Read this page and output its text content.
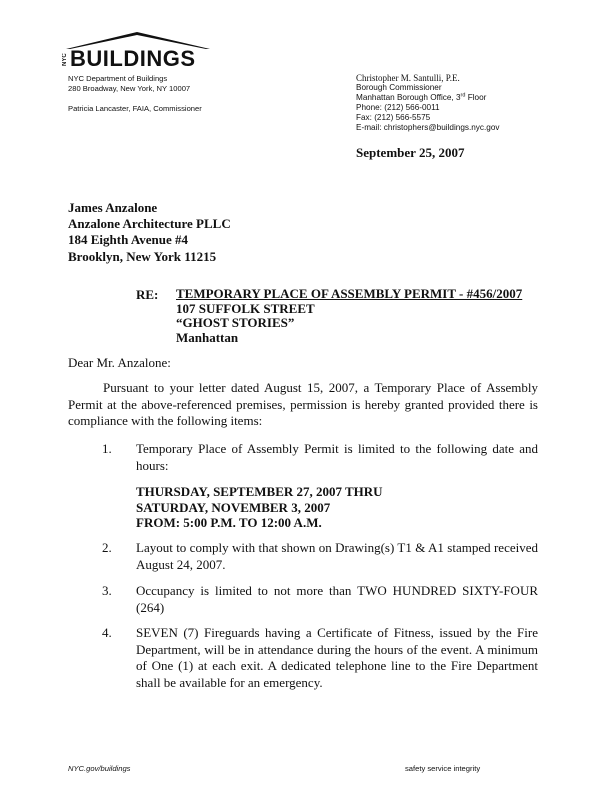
NYC BUILDINGS
NYC Department of Buildings
280 Broadway, New York, NY 10007
Patricia Lancaster, FAIA, Commissioner
Christopher M. Santulli, P.E.
Borough Commissioner
Manhattan Borough Office, 3rd Floor
Phone: (212) 566-0011
Fax: (212) 566-5575
E-mail: christophers@buildings.nyc.gov
September 25, 2007
James Anzalone
Anzalone Architecture PLLC
184 Eighth Avenue #4
Brooklyn, New York 11215
RE: TEMPORARY PLACE OF ASSEMBLY PERMIT - #456/2007
107 SUFFOLK STREET
“GHOST STORIES”
Manhattan
Dear Mr. Anzalone:
Pursuant to your letter dated August 15, 2007, a Temporary Place of Assembly Permit at the above-referenced premises, permission is hereby granted provided there is compliance with the following items:
1. Temporary Place of Assembly Permit is limited to the following date and hours:
THURSDAY, SEPTEMBER 27, 2007 THRU
SATURDAY, NOVEMBER 3, 2007
FROM: 5:00 P.M. TO 12:00 A.M.
2. Layout to comply with that shown on Drawing(s) T1 & A1 stamped received August 24, 2007.
3. Occupancy is limited to not more than TWO HUNDRED SIXTY-FOUR (264)
4. SEVEN (7) Fireguards having a Certificate of Fitness, issued by the Fire Department, will be in attendance during the hours of the event. A minimum of One (1) at each exit. A dedicated telephone line to the Fire Department shall be available for an emergency.
NYC.gov/buildings	safety service integrity
